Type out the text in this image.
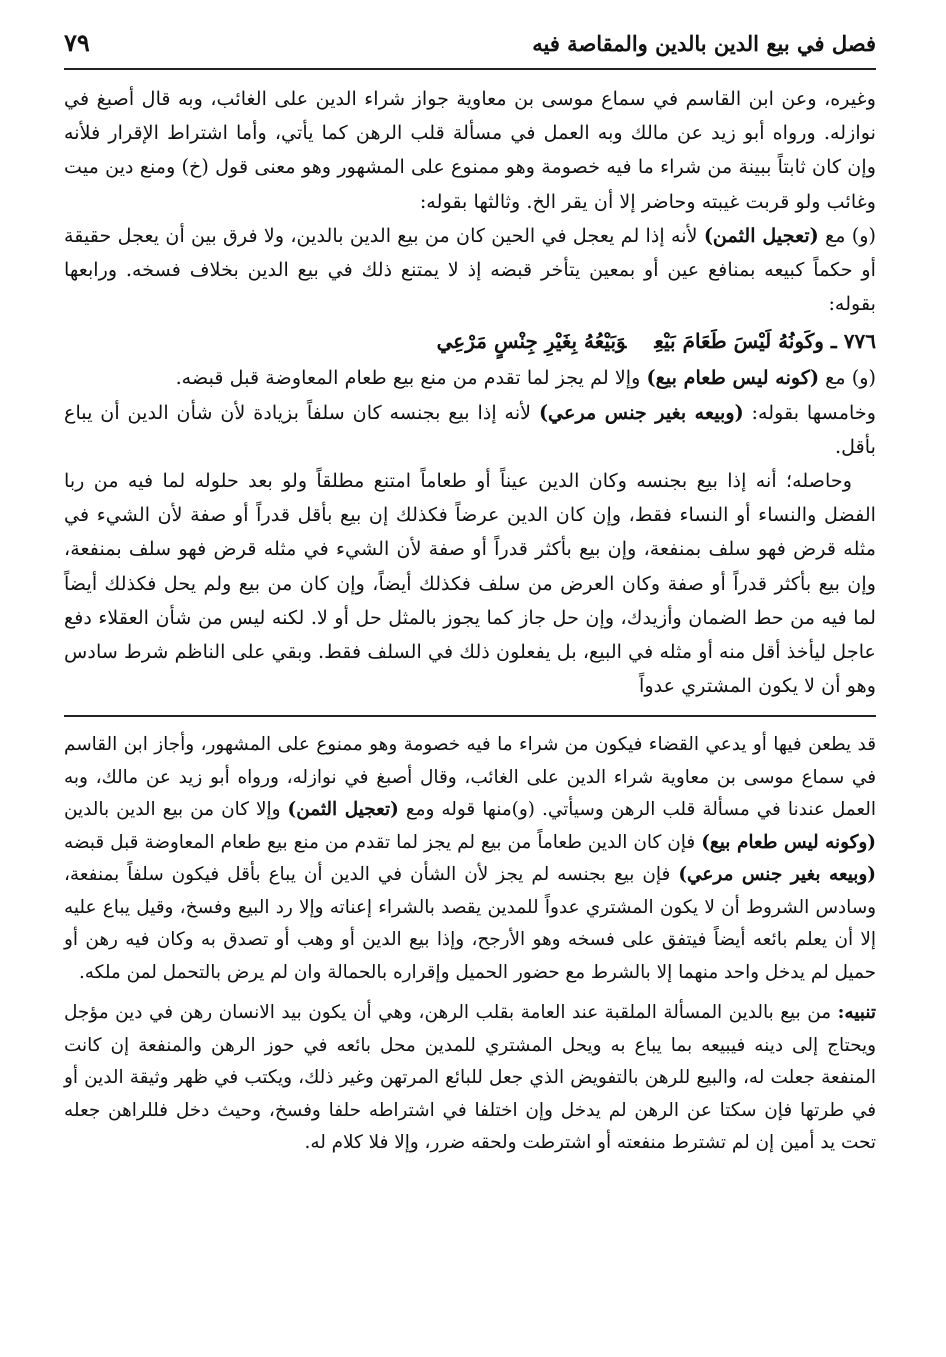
فصل في بيع الدين بالدين والمقاصة فيه
٧٩

وغيره، وعن ابن القاسم في سماع موسى بن معاوية جواز شراء الدين على الغائب، وبه قال أصبغ في نوازله. ورواه أبو زيد عن مالك وبه العمل في مسألة قلب الرهن كما يأتي، وأما اشتراط الإقرار فلأنه وإن كان ثابتاً ببينة من شراء ما فيه خصومة وهو ممنوع على المشهور وهو معنى قول (خ) ومنع دين ميت وغائب ولو قربت غيبته وحاضر إلا أن يقر الخ. وثالثها بقوله:

(و) مع (تعجيل الثمن) لأنه إذا لم يعجل في الحين كان من بيع الدين بالدين، ولا فرق بين أن يعجل حقيقة أو حكماً كبيعه بمنافع عين أو بمعين يتأخر قبضه إذ لا يمتنع ذلك في بيع الدين بخلاف فسخه. ورابعها بقوله:

٧٧٦ ـ وكَونُهُ لَيْسَ طَعَامَ بَيْعِوَبَيْعُهُ بِغَيْرِ جِنْسٍ مَرْعِي

(و) مع (كونه ليس طعام بيع) وإلا لم يجز لما تقدم من منع بيع طعام المعاوضة قبل قبضه.

وخامسها بقوله: (وبيعه بغير جنس مرعي) لأنه إذا بيع بجنسه كان سلفاً بزيادة لأن شأن الدين أن يباع بأقل.

وحاصله؛ أنه إذا بيع بجنسه وكان الدين عيناً أو طعاماً امتنع مطلقاً ولو بعد حلوله لما فيه من ربا الفضل والنساء أو النساء فقط، وإن كان الدين عرضاً فكذلك إن بيع بأقل قدراً أو صفة لأن الشيء في مثله قرض فهو سلف بمنفعة، وإن بيع بأكثر قدراً أو صفة لأن الشيء في مثله قرض فهو سلف بمنفعة، وإن بيع بأكثر قدراً أو صفة وكان العرض من سلف فكذلك أيضاً، وإن كان من بيع ولم يحل فكذلك أيضاً لما فيه من حط الضمان وأزيدك، وإن حل جاز كما يجوز بالمثل حل أو لا. لكنه ليس من شأن العقلاء دفع عاجل ليأخذ أقل منه أو مثله في البيع، بل يفعلون ذلك في السلف فقط. وبقي على الناظم شرط سادس وهو أن لا يكون المشتري عدواً

قد يطعن فيها أو يدعي القضاء فيكون من شراء ما فيه خصومة وهو ممنوع على المشهور، وأجاز ابن القاسم في سماع موسى بن معاوية شراء الدين على الغائب، وقال أصبغ في نوازله، ورواه أبو زيد عن مالك، وبه العمل عندنا في مسألة قلب الرهن وسيأتي. (و)منها قوله ومع (تعجيل الثمن) وإلا كان من بيع الدين بالدين (وكونه ليس طعام بيع) فإن كان الدين طعاماً من بيع لم يجز لما تقدم من منع بيع طعام المعاوضة قبل قبضه (وبيعه بغير جنس مرعي) فإن بيع بجنسه لم يجز لأن الشأن في الدين أن يباع بأقل فيكون سلفاً بمنفعة، وسادس الشروط أن لا يكون المشتري عدواً للمدين يقصد بالشراء إعناته وإلا رد البيع وفسخ، وقيل يباع عليه إلا أن يعلم بائعه أيضاً فيتفق على فسخه وهو الأرجح، وإذا بيع الدين أو وهب أو تصدق به وكان فيه رهن أو حميل لم يدخل واحد منهما إلا بالشرط مع حضور الحميل وإقراره بالحمالة وان لم يرض بالتحمل لمن ملكه.

تنبيه: من بيع بالدين المسألة الملقبة عند العامة بقلب الرهن، وهي أن يكون بيد الانسان رهن في دين مؤجل ويحتاج إلى دينه فيبيعه بما يباع به ويحل المشتري للمدين محل بائعه في حوز الرهن والمنفعة إن كانت المنفعة جعلت له، والبيع للرهن بالتفويض الذي جعل للبائع المرتهن وغير ذلك، ويكتب في ظهر وثيقة الدين أو في طرتها فإن سكتا عن الرهن لم يدخل وإن اختلفا في اشتراطه حلفا وفسخ، وحيث دخل فللراهن جعله تحت يد أمين إن لم تشترط منفعته أو اشترطت ولحقه ضرر، وإلا فلا كلام له.
